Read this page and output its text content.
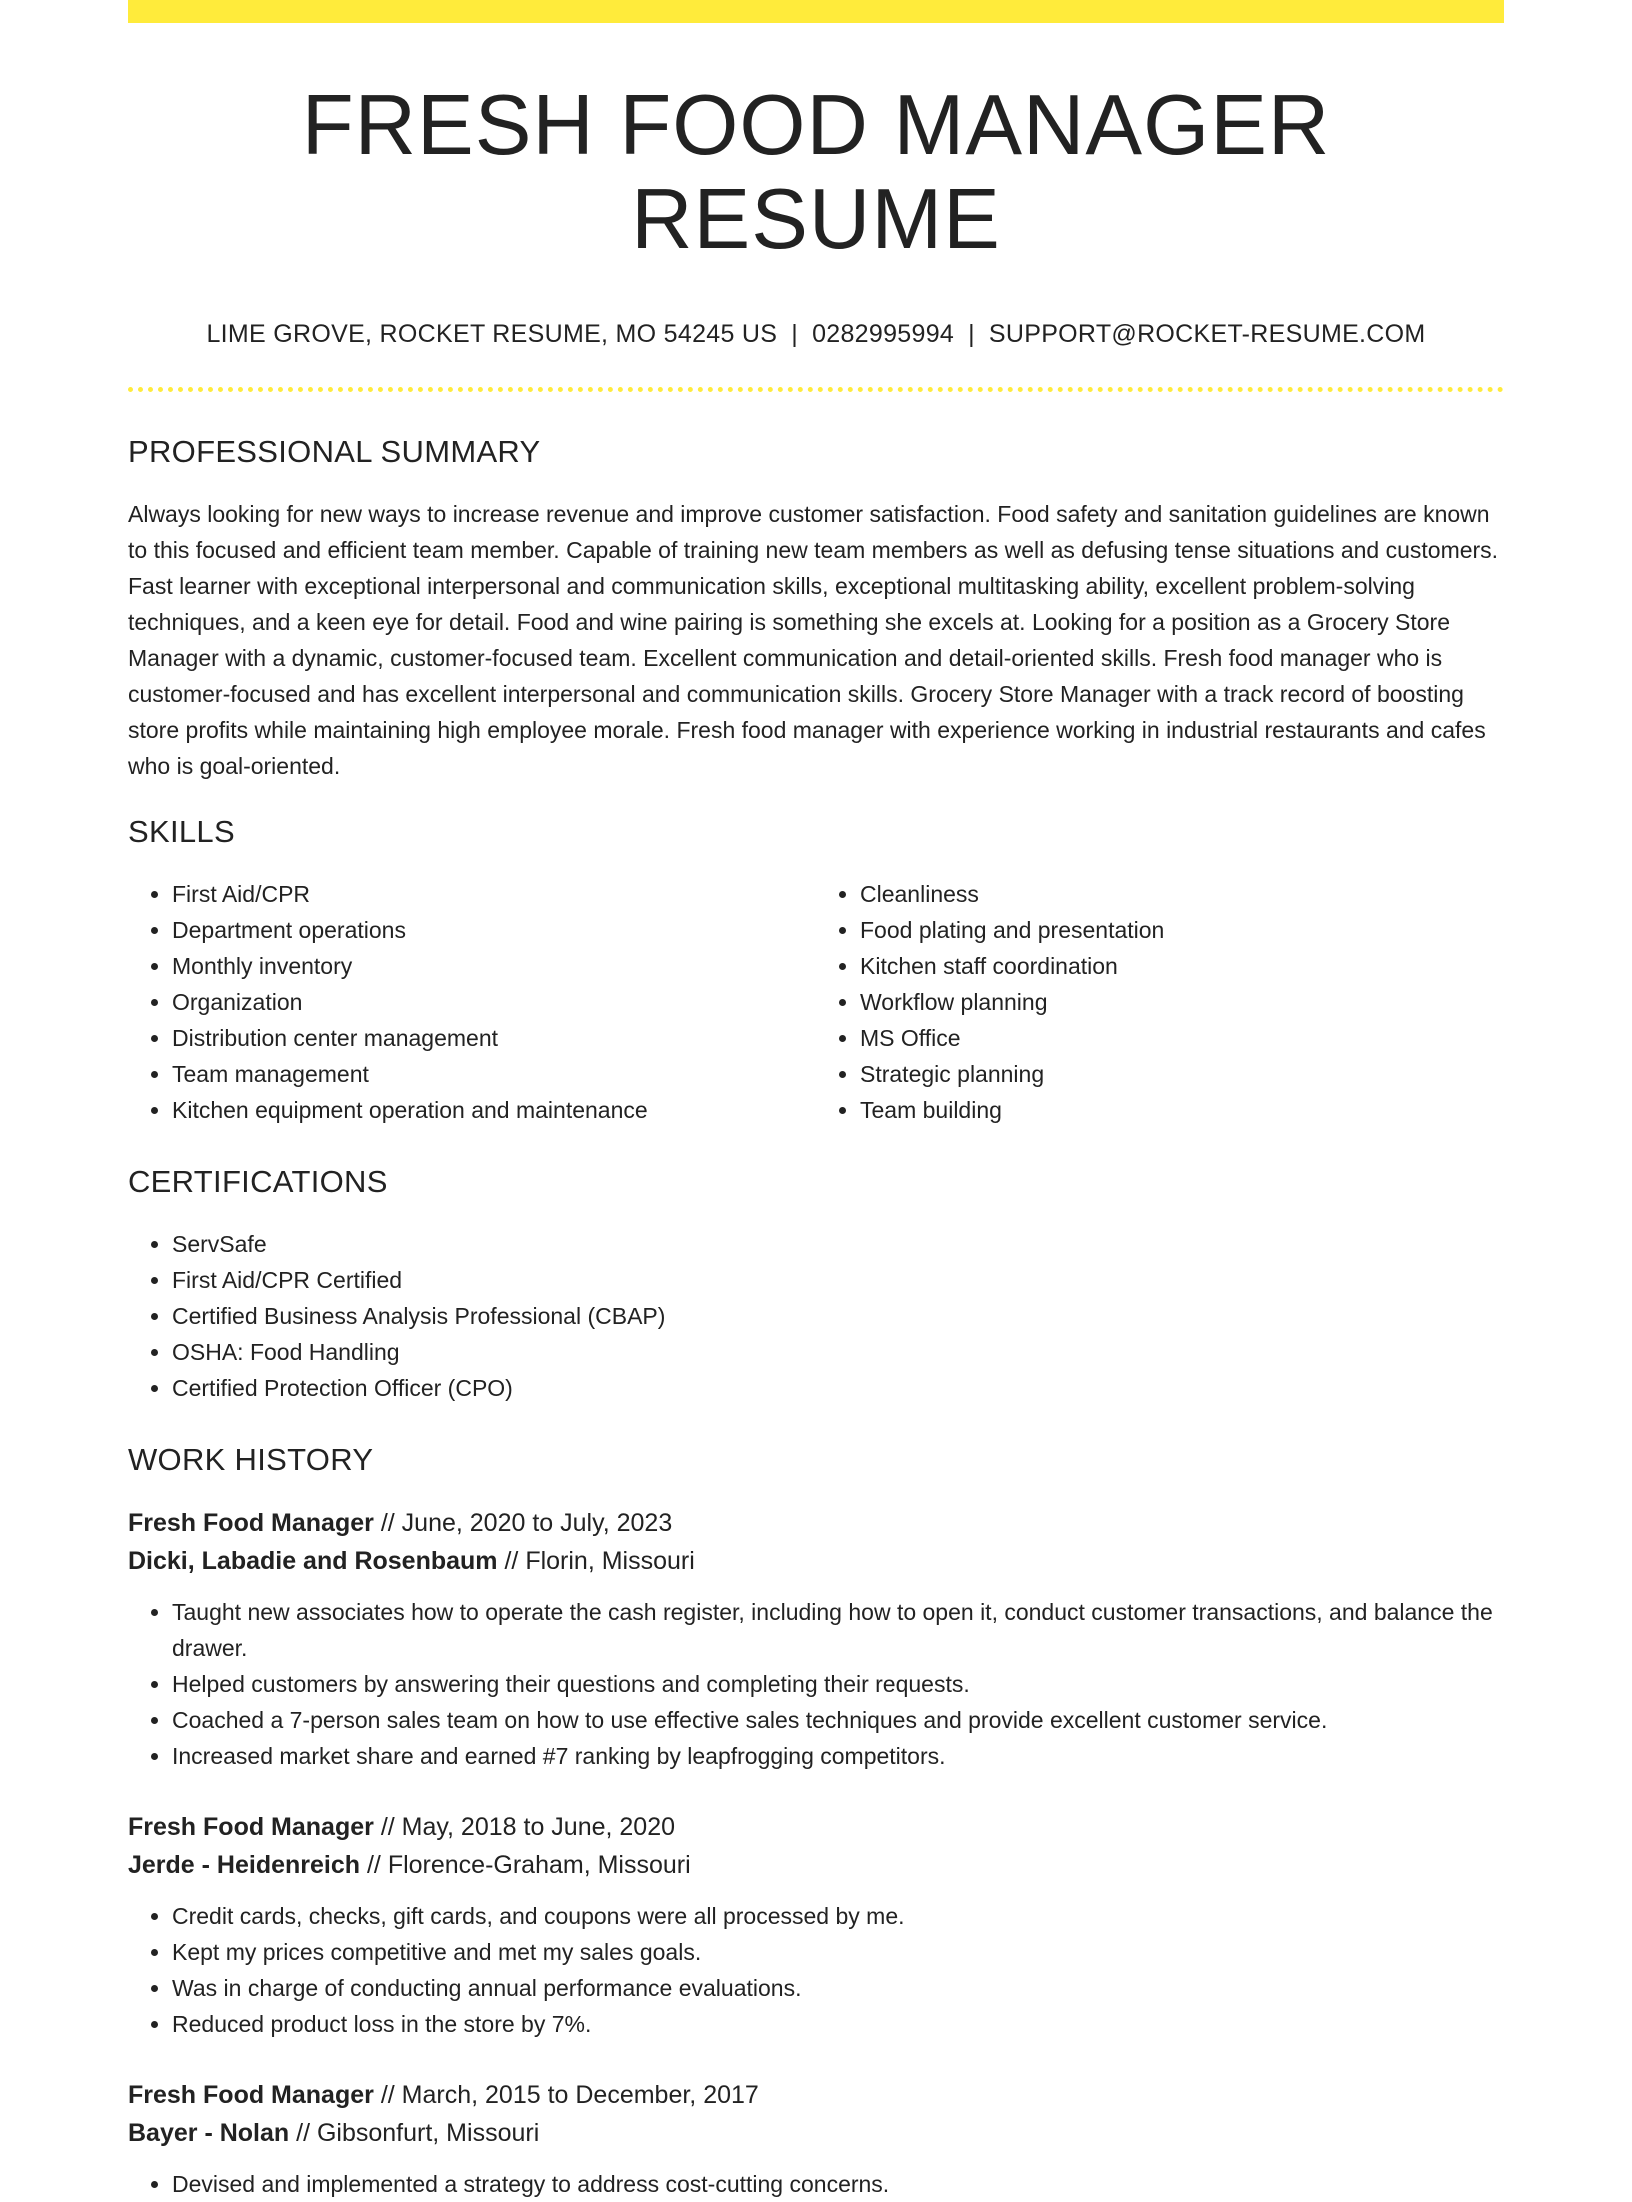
FRESH FOOD MANAGER RESUME
LIME GROVE, ROCKET RESUME, MO 54245 US | 0282995994 | SUPPORT@ROCKET-RESUME.COM
PROFESSIONAL SUMMARY

Always looking for new ways to increase revenue and improve customer satisfaction. Food safety and sanitation guidelines are known to this focused and efficient team member. Capable of training new team members as well as defusing tense situations and customers. Fast learner with exceptional interpersonal and communication skills, exceptional multitasking ability, excellent problem-solving techniques, and a keen eye for detail. Food and wine pairing is something she excels at. Looking for a position as a Grocery Store Manager with a dynamic, customer-focused team. Excellent communication and detail-oriented skills. Fresh food manager who is customer-focused and has excellent interpersonal and communication skills. Grocery Store Manager with a track record of boosting store profits while maintaining high employee morale. Fresh food manager with experience working in industrial restaurants and cafes who is goal-oriented.

SKILLS
• First Aid/CPR
• Department operations
• Monthly inventory
• Organization
• Distribution center management
• Team management
• Kitchen equipment operation and maintenance
• Cleanliness
• Food plating and presentation
• Kitchen staff coordination
• Workflow planning
• MS Office
• Strategic planning
• Team building
CERTIFICATIONS
• ServSafe
• First Aid/CPR Certified
• Certified Business Analysis Professional (CBAP)
• OSHA: Food Handling
• Certified Protection Officer (CPO)
WORK HISTORY
Fresh Food Manager // June, 2020 to July, 2023
Dicki, Labadie and Rosenbaum // Florin, Missouri
• Taught new associates how to operate the cash register, including how to open it, conduct customer transactions, and balance the drawer.
• Helped customers by answering their questions and completing their requests.
• Coached a 7-person sales team on how to use effective sales techniques and provide excellent customer service.
• Increased market share and earned #7 ranking by leapfrogging competitors.
Fresh Food Manager // May, 2018 to June, 2020
Jerde - Heidenreich // Florence-Graham, Missouri
• Credit cards, checks, gift cards, and coupons were all processed by me.
• Kept my prices competitive and met my sales goals.
• Was in charge of conducting annual performance evaluations.
• Reduced product loss in the store by 7%.
Fresh Food Manager // March, 2015 to December, 2017
Bayer - Nolan // Gibsonfurt, Missouri
• Devised and implemented a strategy to address cost-cutting concerns.
